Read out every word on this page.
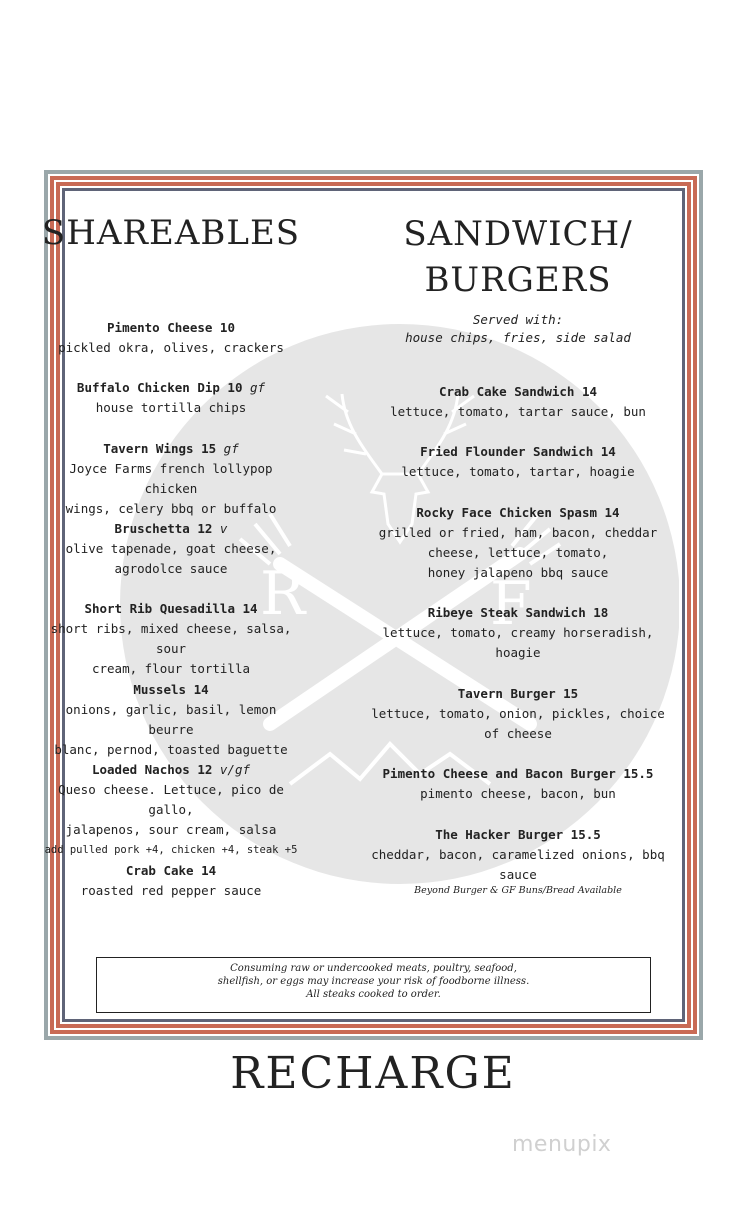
R	F
SHAREABLES
Pimento Cheese 10
pickled okra, olives, crackers
Buffalo Chicken Dip 10 gf
house tortilla chips
Tavern Wings 15 gf
Joyce Farms french lollypop chicken
wings, celery bbq or buffalo
Bruschetta 12 v
olive tapenade, goat cheese,
agrodolce sauce
Short Rib Quesadilla 14
short ribs, mixed cheese, salsa, sour
cream, flour tortilla
Mussels 14
onions, garlic, basil, lemon beurre
blanc, pernod, toasted baguette
Loaded Nachos 12 v/gf
Queso cheese. Lettuce, pico de gallo,
jalapenos, sour cream, salsa
add pulled pork +4, chicken +4, steak +5
Crab Cake 14
roasted red pepper sauce
SANDWICH/
BURGERS
Served with:
house chips, fries, side salad
Crab Cake Sandwich 14
lettuce, tomato, tartar sauce, bun
Fried Flounder Sandwich 14
lettuce, tomato, tartar, hoagie
Rocky Face Chicken Spasm 14
grilled or fried, ham, bacon, cheddar
cheese, lettuce, tomato,
honey jalapeno bbq sauce
Ribeye Steak Sandwich 18
lettuce, tomato, creamy horseradish,
hoagie
Tavern Burger 15
lettuce, tomato, onion, pickles, choice
of cheese
Pimento Cheese and Bacon Burger 15.5
pimento cheese, bacon, bun
The Hacker Burger 15.5
cheddar, bacon, caramelized onions, bbq
sauce
Beyond Burger & GF Buns/Bread Available
Consuming raw or undercooked meats, poultry, seafood,
shellfish, or eggs may increase your risk of foodborne illness.
All steaks cooked to order.
RECHARGE
menupix
